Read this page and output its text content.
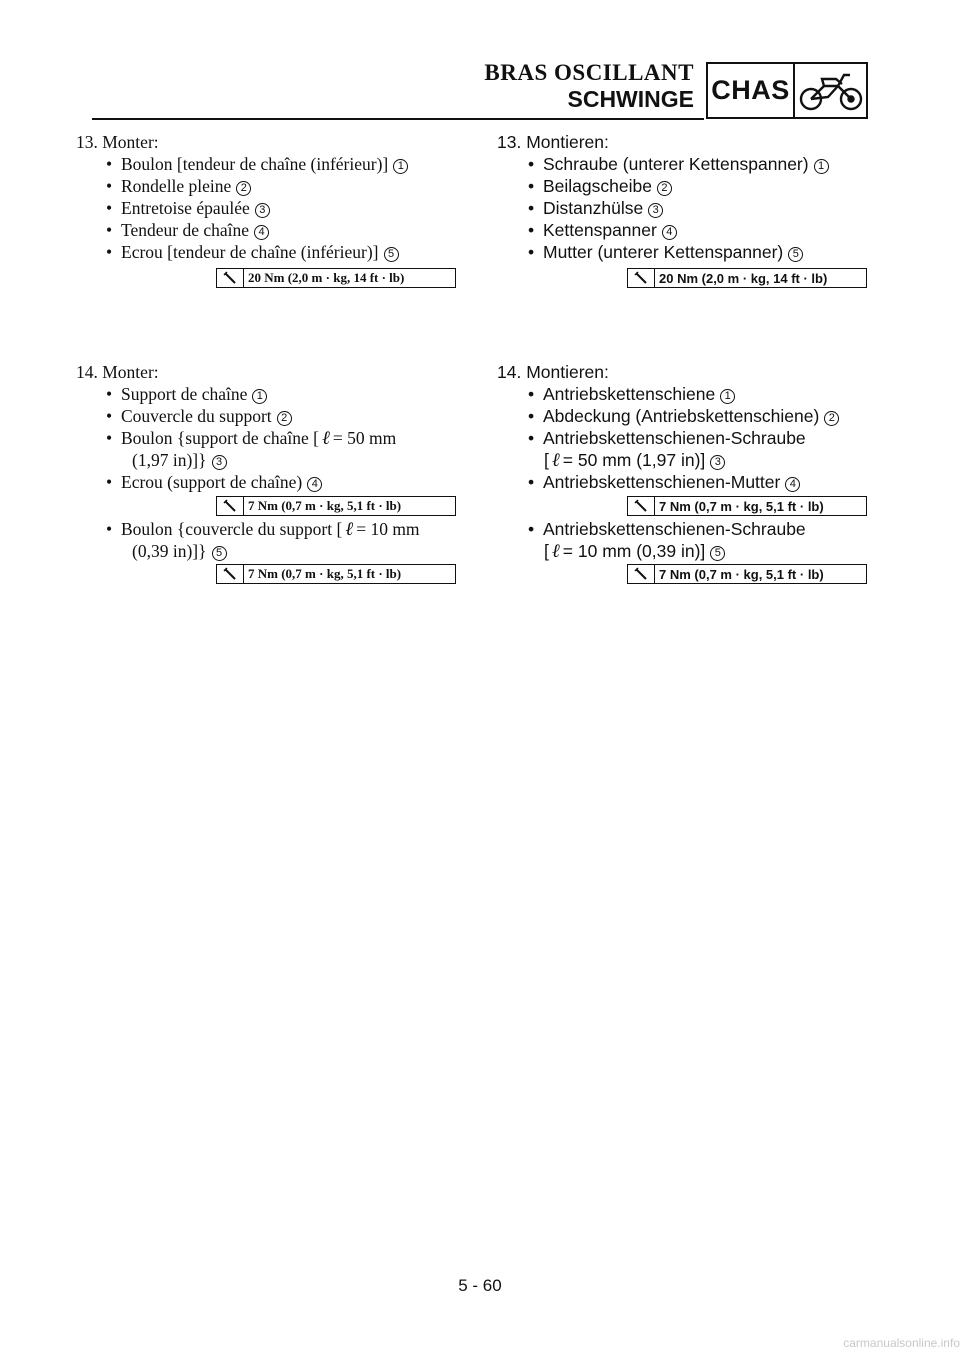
BRAS OSCILLANT
SCHWINGE CHAS
13. Monter:
• Boulon [tendeur de chaîne (inférieur)] 1
• Rondelle pleine 2
• Entretoise épaulée 3
• Tendeur de chaîne 4
• Ecrou [tendeur de chaîne (inférieur)] 5
20 Nm (2,0 m · kg, 14 ft · lb)
14. Monter:
• Support de chaîne 1
• Couvercle du support 2
• Boulon {support de chaîne [ ℓ = 50 mm
(1,97 in)]} 3
• Ecrou (support de chaîne) 4
7 Nm (0,7 m · kg, 5,1 ft · lb)
• Boulon {couvercle du support [ ℓ = 10 mm
(0,39 in)]} 5
7 Nm (0,7 m · kg, 5,1 ft · lb)
13. Montieren:
• Schraube (unterer Kettenspanner) 1
• Beilagscheibe 2
• Distanzhülse 3
• Kettenspanner 4
• Mutter (unterer Kettenspanner) 5
20 Nm (2,0 m · kg, 14 ft · lb)
14. Montieren:
• Antriebskettenschiene 1
• Abdeckung (Antriebskettenschiene) 2
• Antriebskettenschienen-Schraube
[ ℓ = 50 mm (1,97 in)] 3
• Antriebskettenschienen-Mutter 4
7 Nm (0,7 m · kg, 5,1 ft · lb)
• Antriebskettenschienen-Schraube
[ ℓ = 10 mm (0,39 in)] 5
7 Nm (0,7 m · kg, 5,1 ft · lb)
5 - 60
carmanualsonline.info
